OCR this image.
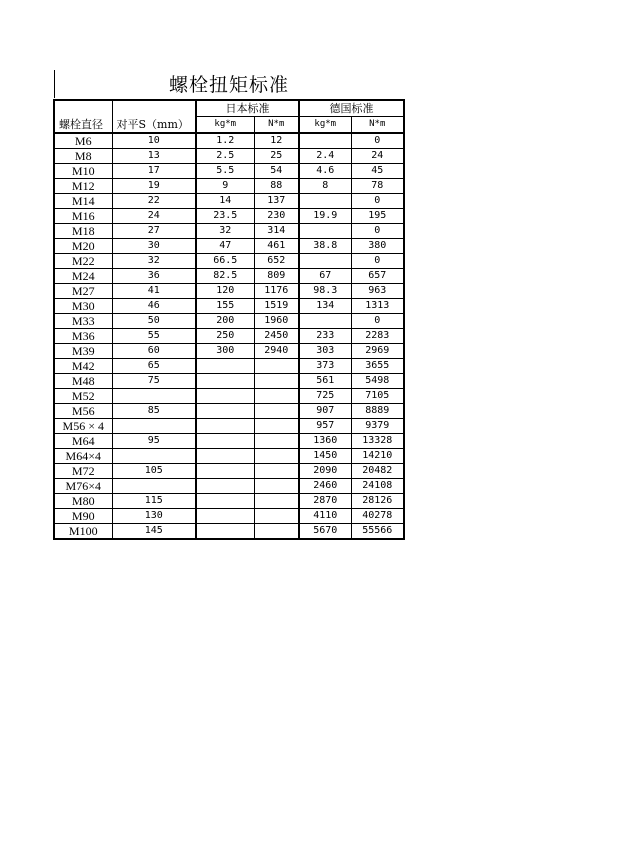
螺栓扭矩标准
螺栓直径	对平S（mm）	日本标准		德国标准	
		kg*m	N*m	kg*m	N*m
M6	10	1.2	12		0
M8	13	2.5	25	2.4	24
M10	17	5.5	54	4.6	45
M12	19	9	88	8	78
M14	22	14	137		0
M16	24	23.5	230	19.9	195
M18	27	32	314		0
M20	30	47	461	38.8	380
M22	32	66.5	652		0
M24	36	82.5	809	67	657
M27	41	120	1176	98.3	963
M30	46	155	1519	134	1313
M33	50	200	1960		0
M36	55	250	2450	233	2283
M39	60	300	2940	303	2969
M42	65			373	3655
M48	75			561	5498
M52				725	7105
M56	85			907	8889
M56 × 4				957	9379
M64	95			1360	13328
M64×4				1450	14210
M72	105			2090	20482
M76×4				2460	24108
M80	115			2870	28126
M90	130			4110	40278
M100	145			5670	55566
